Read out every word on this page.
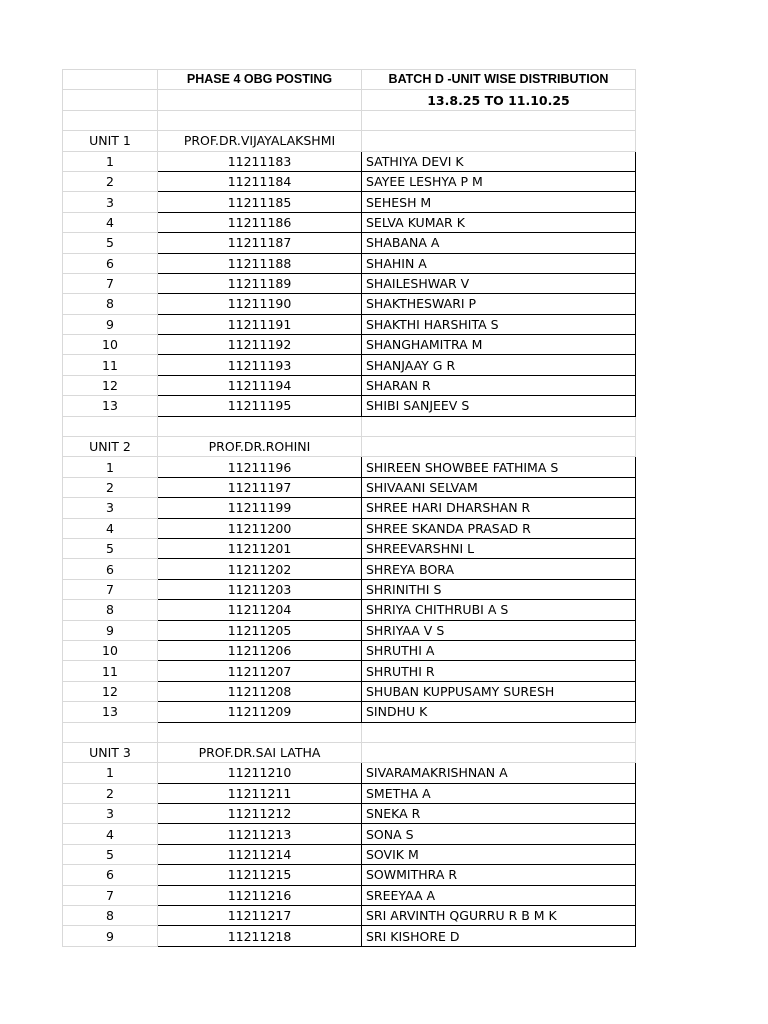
	PHASE 4 OBG POSTING	BATCH D -UNIT WISE DISTRIBUTION
		13.8.25 TO 11.10.25

UNIT 1	PROF.DR.VIJAYALAKSHMI	
1	11211183	SATHIYA DEVI K
2	11211184	SAYEE LESHYA P M
3	11211185	SEHESH M
4	11211186	SELVA KUMAR K
5	11211187	SHABANA A
6	11211188	SHAHIN A
7	11211189	SHAILESHWAR V
8	11211190	SHAKTHESWARI P
9	11211191	SHAKTHI HARSHITA S
10	11211192	SHANGHAMITRA M
11	11211193	SHANJAAY G R
12	11211194	SHARAN R
13	11211195	SHIBI SANJEEV S

UNIT 2	PROF.DR.ROHINI	
1	11211196	SHIREEN SHOWBEE FATHIMA S
2	11211197	SHIVAANI SELVAM
3	11211199	SHREE HARI DHARSHAN R
4	11211200	SHREE SKANDA PRASAD R
5	11211201	SHREEVARSHNI L
6	11211202	SHREYA BORA
7	11211203	SHRINITHI S
8	11211204	SHRIYA CHITHRUBI A S
9	11211205	SHRIYAA V S
10	11211206	SHRUTHI A
11	11211207	SHRUTHI R
12	11211208	SHUBAN KUPPUSAMY SURESH
13	11211209	SINDHU K

UNIT 3	PROF.DR.SAI LATHA	
1	11211210	SIVARAMAKRISHNAN A
2	11211211	SMETHA A
3	11211212	SNEKA R
4	11211213	SONA S
5	11211214	SOVIK M
6	11211215	SOWMITHRA R
7	11211216	SREEYAA A
8	11211217	SRI ARVINTH QGURRU R B M K
9	11211218	SRI KISHORE D
